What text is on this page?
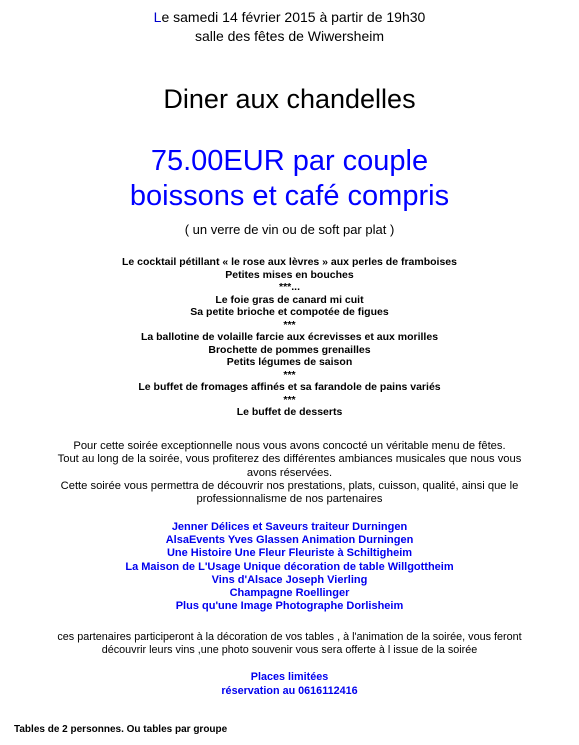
Le samedi 14 février 2015 à partir de 19h30
salle des fêtes de Wiwersheim
Diner aux chandelles
75.00EUR par couple
boissons et café compris
( un verre de vin ou de soft par plat )
Le cocktail pétillant « le rose aux lèvres » aux perles de framboises
Petites mises en bouches
***...
Le foie gras de canard mi cuit
Sa petite brioche et compotée de figues
***
La ballotine de volaille farcie aux écrevisses et aux morilles
Brochette de pommes grenailles
Petits légumes de saison
***
Le buffet de fromages affinés et sa farandole de pains variés
***
Le buffet de desserts
Pour cette soirée exceptionnelle nous vous avons concocté un véritable menu de fêtes.
Tout au long de la soirée, vous profiterez des différentes ambiances musicales que nous vous
avons réservées.
Cette soirée vous permettra de découvrir nos prestations, plats, cuisson, qualité, ainsi que le
professionnalisme de nos partenaires
Jenner Délices et Saveurs traiteur Durningen
AlsaEvents Yves Glassen Animation Durningen
Une Histoire Une Fleur Fleuriste à Schiltigheim
La Maison de L'Usage Unique décoration de table Willgottheim
Vins d'Alsace Joseph Vierling
Champagne Roellinger
Plus qu'une Image Photographe Dorlisheim
ces partenaires participeront à la décoration de vos tables , à l'animation de la soirée, vous feront
découvrir leurs vins ,une photo souvenir vous sera offerte à l issue de la soirée
Places limitées
réservation au 0616112416
Tables de 2 personnes. Ou tables par groupe
